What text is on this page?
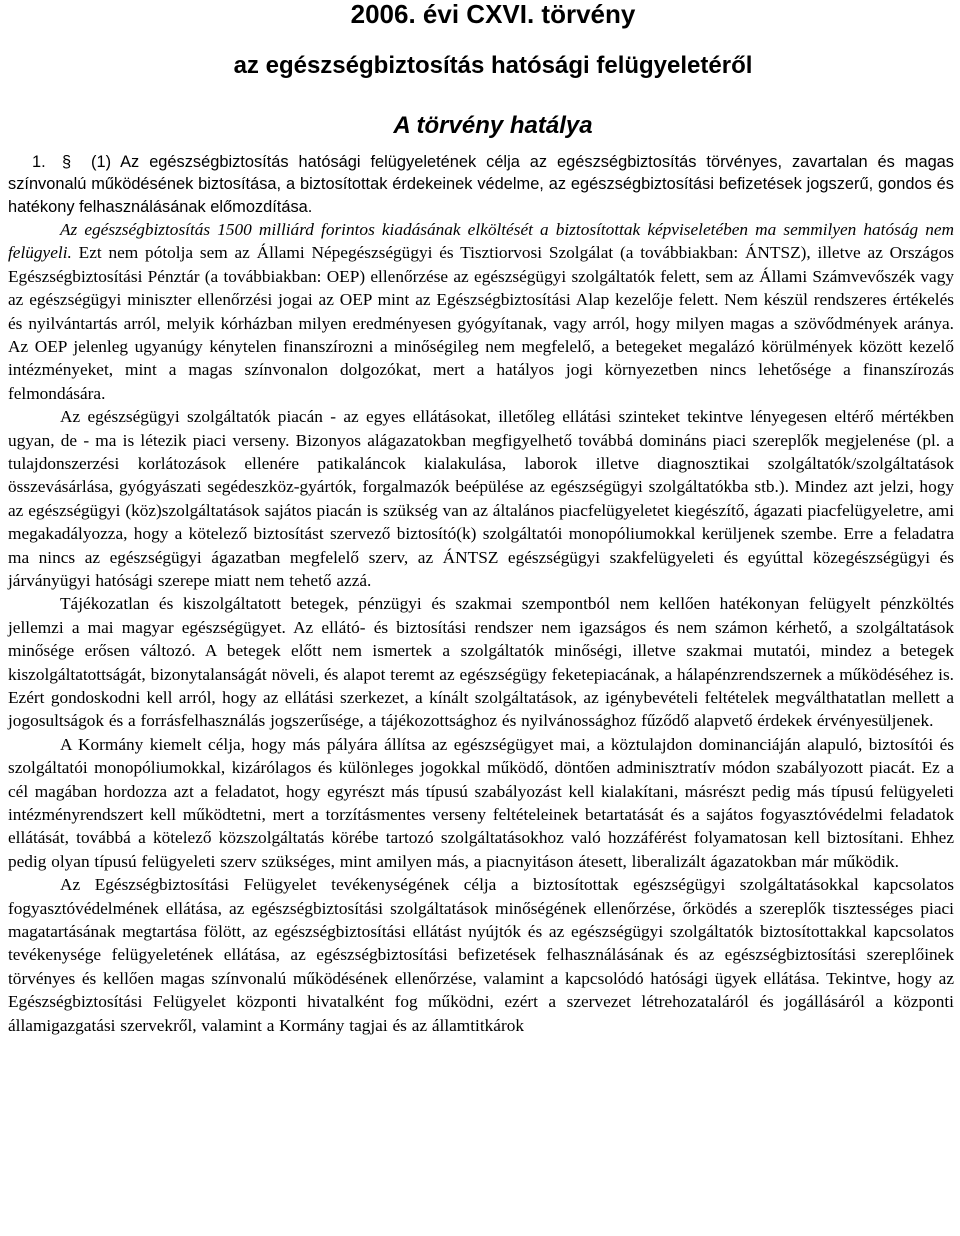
2006. évi CXVI. törvény
az egészségbiztosítás hatósági felügyeletéről
A törvény hatálya

1. § (1) Az egészségbiztosítás hatósági felügyeletének célja az egészségbiztosítás törvényes, zavartalan és magas színvonalú működésének biztosítása, a biztosítottak érdekeinek védelme, az egészségbiztosítási befizetések jogszerű, gondos és hatékony felhasználásának előmozdítása.

Az egészségbiztosítás 1500 milliárd forintos kiadásának elköltését a biztosítottak képviseletében ma semmilyen hatóság nem felügyeli. Ezt nem pótolja sem az Állami Népegészségügyi és Tisztiorvosi Szolgálat (a továbbiakban: ÁNTSZ), illetve az Országos Egészségbiztosítási Pénztár (a továbbiakban: OEP) ellenőrzése az egészségügyi szolgáltatók felett, sem az Állami Számvevőszék vagy az egészségügyi miniszter ellenőrzési jogai az OEP mint az Egészségbiztosítási Alap kezelője felett. Nem készül rendszeres értékelés és nyilvántartás arról, melyik kórházban milyen eredményesen gyógyítanak, vagy arról, hogy milyen magas a szövődmények aránya. Az OEP jelenleg ugyanúgy kénytelen finanszírozni a minőségileg nem megfelelő, a betegeket megalázó körülmények között kezelő intézményeket, mint a magas színvonalon dolgozókat, mert a hatályos jogi környezetben nincs lehetősége a finanszírozás felmondására.

Az egészségügyi szolgáltatók piacán - az egyes ellátásokat, illetőleg ellátási szinteket tekintve lényegesen eltérő mértékben ugyan, de - ma is létezik piaci verseny. Bizonyos alágazatokban megfigyelhető továbbá domináns piaci szereplők megjelenése (pl. a tulajdonszerzési korlátozások ellenére patikaláncok kialakulása, laborok illetve diagnosztikai szolgáltatók/szolgáltatások összevásárlása, gyógyászati segédeszköz-gyártók, forgalmazók beépülése az egészségügyi szolgáltatókba stb.). Mindez azt jelzi, hogy az egészségügyi (köz)szolgáltatások sajátos piacán is szükség van az általános piacfelügyeletet kiegészítő, ágazati piacfelügyeletre, ami megakadályozza, hogy a kötelező biztosítást szervező biztosító(k) szolgáltatói monopóliumokkal kerüljenek szembe. Erre a feladatra ma nincs az egészségügyi ágazatban megfelelő szerv, az ÁNTSZ egészségügyi szakfelügyeleti és egyúttal közegészségügyi és járványügyi hatósági szerepe miatt nem tehető azzá.

Tájékozatlan és kiszolgáltatott betegek, pénzügyi és szakmai szempontból nem kellően hatékonyan felügyelt pénzköltés jellemzi a mai magyar egészségügyet. Az ellátó- és biztosítási rendszer nem igazságos és nem számon kérhető, a szolgáltatások minősége erősen változó. A betegek előtt nem ismertek a szolgáltatók minőségi, illetve szakmai mutatói, mindez a betegek kiszolgáltatottságát, bizonytalanságát növeli, és alapot teremt az egészségügy feketepiacának, a hálapénzrendszernek a működéséhez is. Ezért gondoskodni kell arról, hogy az ellátási szerkezet, a kínált szolgáltatások, az igénybevételi feltételek megválthatatlan mellett a jogosultságok és a forrásfelhasználás jogszerűsége, a tájékozottsághoz és nyilvánossághoz fűződő alapvető érdekek érvényesüljenek.

A Kormány kiemelt célja, hogy más pályára állítsa az egészségügyet mai, a köztulajdon dominanciáján alapuló, biztosítói és szolgáltatói monopóliumokkal, kizárólagos és különleges jogokkal működő, döntően adminisztratív módon szabályozott piacát. Ez a cél magában hordozza azt a feladatot, hogy egyrészt más típusú szabályozást kell kialakítani, másrészt pedig más típusú felügyeleti intézményrendszert kell működtetni, mert a torzításmentes verseny feltételeinek betartatását és a sajátos fogyasztóvédelmi feladatok ellátását, továbbá a kötelező közszolgáltatás körébe tartozó szolgáltatásokhoz való hozzáférést folyamatosan kell biztosítani. Ehhez pedig olyan típusú felügyeleti szerv szükséges, mint amilyen más, a piacnyitáson átesett, liberalizált ágazatokban már működik.

Az Egészségbiztosítási Felügyelet tevékenységének célja a biztosítottak egészségügyi szolgáltatásokkal kapcsolatos fogyasztóvédelmének ellátása, az egészségbiztosítási szolgáltatások minőségének ellenőrzése, őrködés a szereplők tisztességes piaci magatartásának megtartása fölött, az egészségbiztosítási ellátást nyújtók és az egészségügyi szolgáltatók biztosítottakkal kapcsolatos tevékenysége felügyeletének ellátása, az egészségbiztosítási befizetések felhasználásának és az egészségbiztosítási szereplőinek törvényes és kellően magas színvonalú működésének ellenőrzése, valamint a kapcsolódó hatósági ügyek ellátása. Tekintve, hogy az Egészségbiztosítási Felügyelet központi hivatalként fog működni, ezért a szervezet létrehozataláról és jogállásáról a központi államigazgatási szervekről, valamint a Kormány tagjai és az államtitkárok
